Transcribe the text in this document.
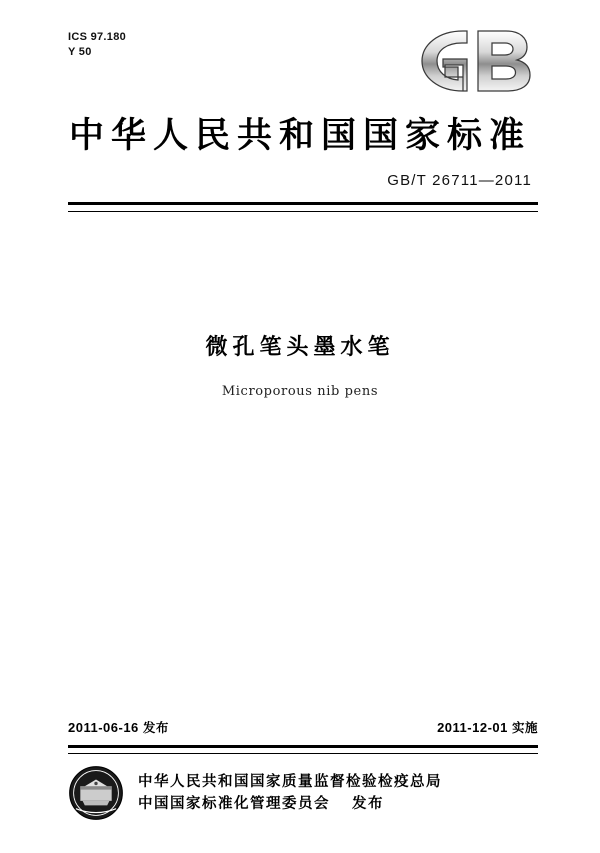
ICS 97.180
Y 50
中华人民共和国国家标准
GB/T 26711—2011
微孔笔头墨水笔
Microporous nib pens
2011-06-16 发布	2011-12-01 实施
中华人民共和国国家质量监督检验检疫总局
中国国家标准化管理委员会 发布
